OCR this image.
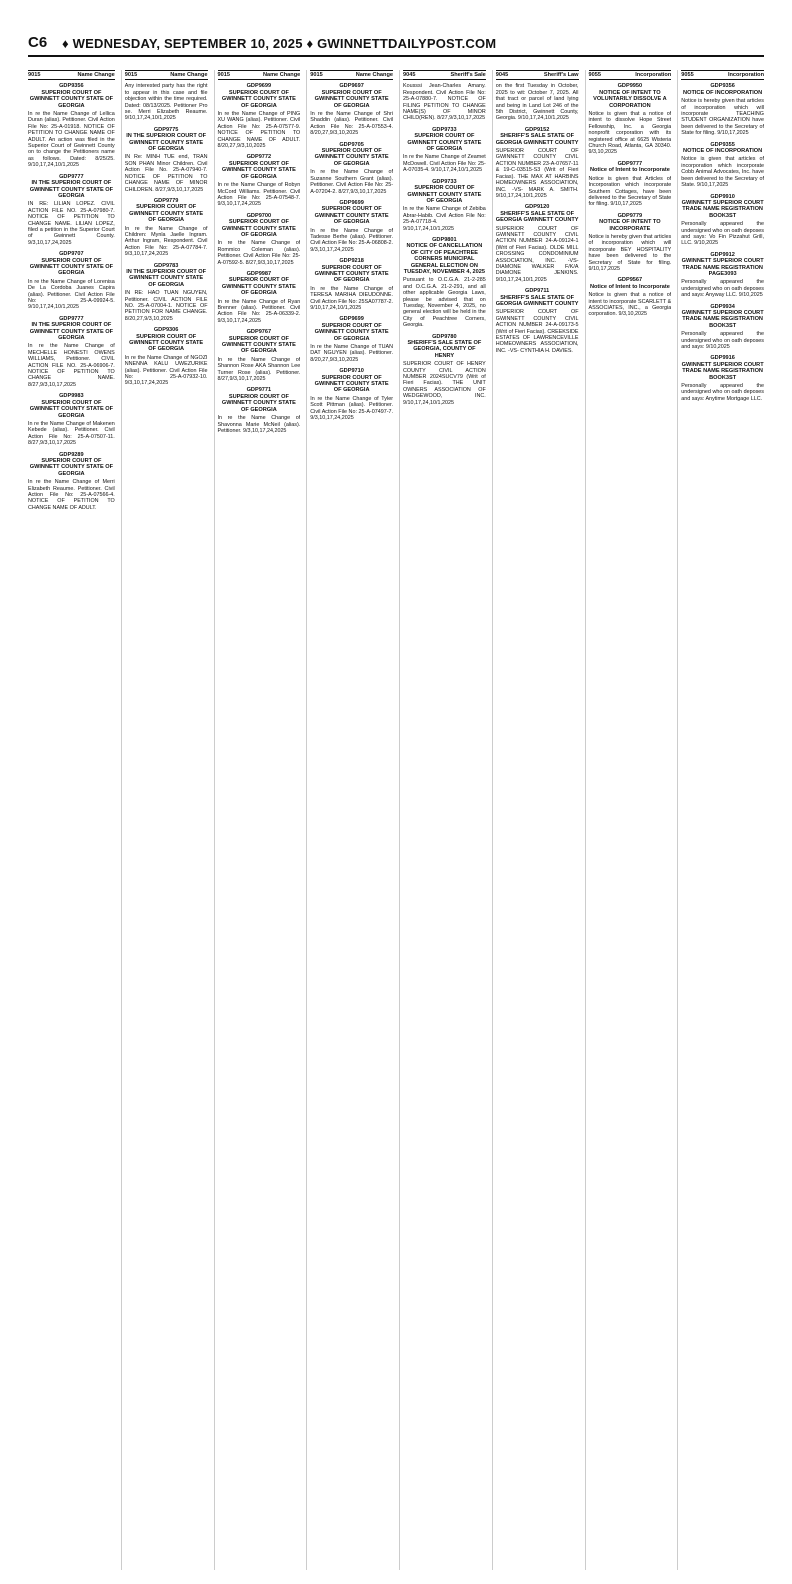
C6 ♦ WEDNESDAY, SEPTEMBER 10, 2025 ♦ GWINNETTDAILYPOST.COM
9015	Name Change
GDP9356
SUPERIOR COURT OF GWINNETT COUNTY STATE OF GEORGIA
In re the Name Change of Lellica Duran (alias). Petitioner. Civil Action File No: 25-A-01918. NOTICE OF PETITION TO CHANGE NAME OF ADULT. An action was filed in the Superior Court of Gwinnett County on to change the Petitioners name as follows. Dated: 8/25/25. 9/10,17,24,10/1,2025
GDP9777
IN THE SUPERIOR COURT OF GWINNETT COUNTY STATE OF GEORGIA
IN RE: LILIAN LOPEZ. CIVIL ACTION FILE NO. 25-A-07980-7. NOTICE OF PETITION TO CHANGE NAME. LILIAN LOPEZ, filed a petition in the Superior Court of Gwinnett County. 9/3,10,17,24,2025
GDP9707
SUPERIOR COURT OF GWINNETT COUNTY STATE OF GEORGIA
In re the Name Change of Lorenisa De La Cordoba Juanes Capira (alias). Petitioner. Civil Action File No: 25-A-09924-5. 9/10,17,24,10/1,2025
GDP9777
IN THE SUPERIOR COURT OF GWINNETT COUNTY STATE OF GEORGIA
In re the Name Change of MECHELLE HONESTI OWENS WILLIAMS, Petitioner. CIVIL ACTION FILE NO. 25-A-06906-7. NOTICE OF PETITION TO CHANGE NAME. 8/27,9/3,10,17,2025
GDP9983
SUPERIOR COURT OF GWINNETT COUNTY STATE OF GEORGIA
In re the Name Change of Makenen Kebede (alias). Petitioner. Civil Action File No: 25-A-07507-11. 8/27,9/3,10,17,2025
GDP9289
SUPERIOR COURT OF GWINNETT COUNTY STATE OF GEORGIA
In re the Name Change of Merri Elizabeth Reaume. Petitioner. Civil Action File No: 25-A-07566-4. NOTICE OF PETITION TO CHANGE NAME OF ADULT.
9015	Name Change
Any interested party has the right to appear in this case and file objection within the time required. Dated: 08/13/2025. Petitioner Pro se. Merri Elizabeth Reaume. 9/10,17,24,10/1,2025
GDP9775
IN THE SUPERIOR COURT OF GWINNETT COUNTY STATE OF GEORGIA
IN Re: MINH TUE end, TRAN SON PHAN Minor Children. Civil Action File No. 25-A-07940-7. NOTICE OF PETITION TO CHANGE NAME OF MINOR CHILDREN. 8/27,9/3,10,17,2025
GDP9779
SUPERIOR COURT OF GWINNETT COUNTY STATE OF GEORGIA
In re the Name Change of Children: Mynla Jaelle Ingram. Arthur Ingram, Respondent. Civil Action File No: 25-A-07784-7. 9/3,10,17,24,2025
GDP9783
IN THE SUPERIOR COURT OF GWINNETT COUNTY STATE OF GEORGIA
IN RE: HAO TUAN NGUYEN, Petitioner. CIVIL ACTION FILE NO. 25-A-07004-1. NOTICE OF PETITION FOR NAME CHANGE. 8/20,27,9/3,10,2025
GDP9306
SUPERIOR COURT OF GWINNETT COUNTY STATE OF GEORGIA
In re the Name Change of NGOZI NNENNA KALU UWEZURIKE (alias). Petitioner. Civil Action File No: 25-A-07932-10. 9/3,10,17,24,2025
9015	Name Change
GDP9699
SUPERIOR COURT OF GWINNETT COUNTY STATE OF GEORGIA
In re the Name Change of PING XU WANG (alias). Petitioner. Civil Action File No: 25-A-07577-9. NOTICE OF PETITION TO CHANGE NAME OF ADULT. 8/20,27,9/3,10,2025
GDP9772
SUPERIOR COURT OF GWINNETT COUNTY STATE OF GEORGIA
In re the Name Change of Robyn McCord Williams. Petitioner. Civil Action File No: 25-A-07548-7. 9/3,10,17,24,2025
GDP9700
SUPERIOR COURT OF GWINNETT COUNTY STATE OF GEORGIA
In re the Name Change of Rommico Coleman (alias). Petitioner. Civil Action File No: 25-A-07592-5. 8/27,9/3,10,17,2025
GDP9987
SUPERIOR COURT OF GWINNETT COUNTY STATE OF GEORGIA
In re the Name Change of Ryan Brenner (alias). Petitioner. Civil Action File No: 25-A-06339-2. 9/3,10,17,24,2025
GDP9767
SUPERIOR COURT OF GWINNETT COUNTY STATE OF GEORGIA
In re the Name Change of Shannon Rose AKA Shannon Lee Turner Rose (alias). Petitioner. 8/27,9/3,10,17,2025
GDP9771
SUPERIOR COURT OF GWINNETT COUNTY STATE OF GEORGIA
In re the Name Change of Shavonna Marie McNeil (alias). Petitioner. 9/3,10,17,24,2025
9015	Name Change
GDP9697
SUPERIOR COURT OF GWINNETT COUNTY STATE OF GEORGIA
In re the Name Change of Shri Shaddin (alias). Petitioner. Civil Action File No: 25-A-07553-4. 8/20,27,9/3,10,2025
GDP9705
SUPERIOR COURT OF GWINNETT COUNTY STATE OF GEORGIA
In re the Name Change of Suzanne Southern Grant (alias). Petitioner. Civil Action File No: 25-A-07204-2. 8/27,9/3,10,17,2025
GDP9699
SUPERIOR COURT OF GWINNETT COUNTY STATE OF GEORGIA
In re the Name Change of Tadesse Berhe (alias). Petitioner. Civil Action File No: 25-A-06808-2. 9/3,10,17,24,2025
GDP9218
SUPERIOR COURT OF GWINNETT COUNTY STATE OF GEORGIA
In re the Name Change of TERESA MARIHA DIEUDONNE. Civil Action File No: 25SA07787-2. 9/10,17,24,10/1,2025
GDP9699
SUPERIOR COURT OF GWINNETT COUNTY STATE OF GEORGIA
In re the Name Change of TUAN DAT NGUYEN (alias). Petitioner. 8/20,27,9/3,10,2025
GDP9710
SUPERIOR COURT OF GWINNETT COUNTY STATE OF GEORGIA
In re the Name Change of Tyler Scott Pittman (alias). Petitioner. Civil Action File No: 25-A-07497-7. 9/3,10,17,24,2025
9045	Sheriff's Sale
Kousssi Jean-Charles Amany. Respondent. Civil Action File No: 25-A-07880-7. NOTICE OF FILING PETITION TO CHANGE NAME(S) OF MINOR CHILD(REN). 8/27,9/3,10,17,2025
GDP9733
SUPERIOR COURT OF GWINNETT COUNTY STATE OF GEORGIA
In re the Name Change of Zeamet McDowell. Civil Action File No: 25-A-07035-4. 9/10,17,24,10/1,2025
GDP9733
SUPERIOR COURT OF GWINNETT COUNTY STATE OF GEORGIA
In re the Name Change of Zebiba Abrar-Habib. Civil Action File No: 25-A-07718-4. 9/10,17,24,10/1,2025
GDP9801
NOTICE OF CANCELLATION OF CITY OF PEACHTREE CORNERS MUNICIPAL GENERAL ELECTION ON TUESDAY, NOVEMBER 4, 2025
Pursuant to O.C.G.A. 21-2-285 and O.C.G.A. 21-2-291, and all other applicable Georgia Laws, please be advised that on Tuesday, November 4, 2025, no general election will be held in the City of Peachtree Corners, Georgia.
GDP9780
SHERIFF'S SALE STATE OF GEORGIA, COUNTY OF HENRY
SUPERIOR COURT OF HENRY COUNTY CIVIL ACTION NUMBER 2024SUCV79 (Writ of Fieri Facias). THE UNIT OWNERS ASSOCIATION OF WEDGEWOOD, INC. 9/10,17,24,10/1,2025
9045	Sheriff's Law
on the first Tuesday in October, 2025 to wit: October 7, 2025. All that tract or parcel of land lying and being in Land Lot 246 of the 5th District, Gwinnett County, Georgia. 9/10,17,24,10/1,2025
GDP9152
SHERIFF'S SALE STATE OF GEORGIA GWINNETT COUNTY
SUPERIOR COURT OF GWINNETT COUNTY CIVIL ACTION NUMBER 23-A-07657-11 & 19-C-03515-S3 (Writ of Fieri Facias). THE MAX AT HARBINS HOMEOWNERS ASSOCIATION, INC. -VS- MARK A. SMITH. 9/10,17,24,10/1,2025
GDP9120
SHERIFF'S SALE STATE OF GEORGIA GWINNETT COUNTY
SUPERIOR COURT OF GWINNETT COUNTY CIVIL ACTION NUMBER 24-A-09124-1 (Writ of Fieri Facias). OLDE MILL CROSSING CONDOMINIUM ASSOCIATION, INC. -VS- DIAMONE WALKER F/K/A DIAMONE JENKINS. 9/10,17,24,10/1,2025
GDP9711
SHERIFF'S SALE STATE OF GEORGIA GWINNETT COUNTY
SUPERIOR COURT OF GWINNETT COUNTY CIVIL ACTION NUMBER 24-A-09173-5 (Writ of Fieri Facias). CREEKSIDE ESTATES OF LAWRENCEVILLE HOMEOWNERS ASSOCIATION, INC. -VS- CYNTHIA H. DAVIES.
9055	Incorporation
GDP9950
NOTICE OF INTENT TO VOLUNTARILY DISSOLVE A CORPORATION
Notice is given that a notice of intent to dissolve Hope Street Fellowship, Inc. a Georgia nonprofit corporation with its registered office at 6625 Wisteria Church Road, Atlanta, GA 30340. 9/3,10,2025
GDP9777
Notice of Intent to Incorporate
Notice is given that Articles of Incorporation which incorporate Southern Cottages, have been delivered to the Secretary of State for filing. 9/10,17,2025
GDP9779
NOTICE OF INTENT TO INCORPORATE
Notice is hereby given that articles of incorporation which will incorporate BEY HOSPITALITY have been delivered to the Secretary of State for filing. 9/10,17,2025
GDP9567
Notice of Intent to Incorporate
Notice is given that a notice of intent to incorporate SCARLETT & ASSOCIATES, INC., a Georgia corporation. 9/3,10,2025
9055	Incorporation
GDP9356
NOTICE OF INCORPORATION
Notice is hereby given that articles of incorporation which will incorporate TEACHING STUDENT ORGANIZATION have been delivered to the Secretary of State for filing. 9/10,17,2025
GDP9355
NOTICE OF INCORPORATION
Notice is given that articles of incorporation which incorporate Cobb Animal Advocates, Inc. have been delivered to the Secretary of State. 9/10,17,2025
GDP9910
GWINNETT SUPERIOR COURT TRADE NAME REGISTRATION BOOK3ST
Personally appeared the undersigned who on oath deposes and says: Vo Fin Pizzahut Grill, LLC. 9/10,2025
GDP9912
GWINNETT SUPERIOR COURT TRADE NAME REGISTRATION PAGE3093
Personally appeared the undersigned who on oath deposes and says: Anyway LLC. 9/10,2025
GDP9934
GWINNETT SUPERIOR COURT TRADE NAME REGISTRATION BOOK3ST
Personally appeared the undersigned who on oath deposes and says: 9/10,2025
GDP9916
GWINNETT SUPERIOR COURT TRADE NAME REGISTRATION BOOK3ST
Personally appeared the undersigned who on oath deposes and says: Anytime Mortgage LLC.
